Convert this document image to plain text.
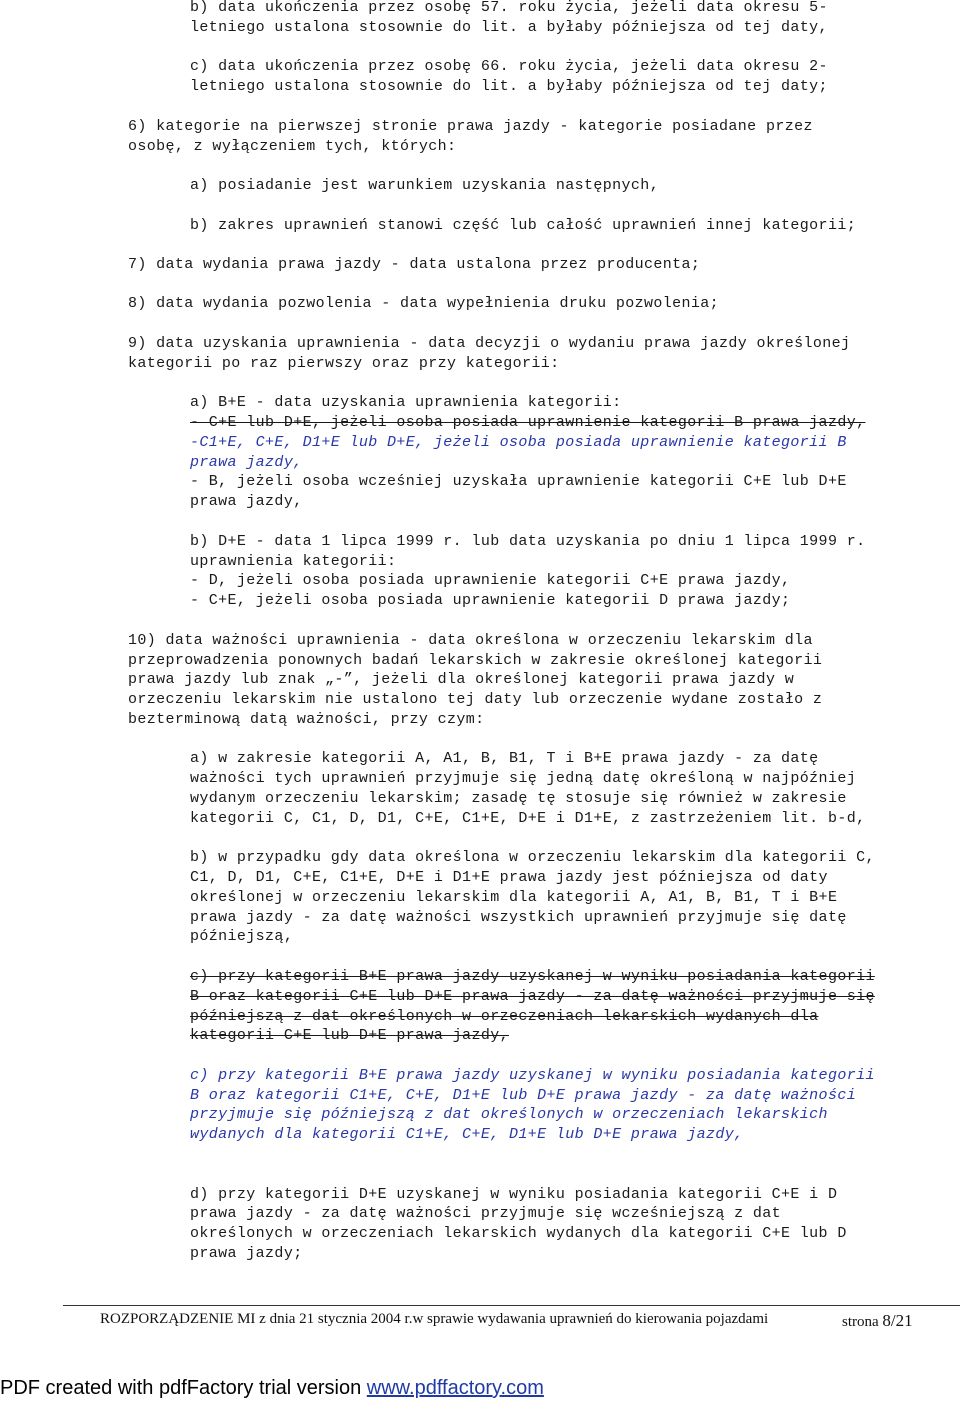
b) data ukończenia przez osobę 57. roku życia, jeżeli data okresu 5-

letniego ustalona stosownie do lit. a byłaby późniejsza od tej daty,

c) data ukończenia przez osobę 66. roku życia, jeżeli data okresu 2-

letniego ustalona stosownie do lit. a byłaby późniejsza od tej daty;

6) kategorie na pierwszej stronie prawa jazdy - kategorie posiadane przez

osobę, z wyłączeniem tych, których:

a) posiadanie jest warunkiem uzyskania następnych,

b) zakres uprawnień stanowi część lub całość uprawnień innej kategorii;

7) data wydania prawa jazdy - data ustalona przez producenta;

8) data wydania pozwolenia - data wypełnienia druku pozwolenia;

9) data uzyskania uprawnienia - data decyzji o wydaniu prawa jazdy określonej

kategorii po raz pierwszy oraz przy kategorii:

a) B+E - data uzyskania uprawnienia kategorii:

- C+E lub D+E, jeżeli osoba posiada uprawnienie kategorii B prawa jazdy,

-C1+E, C+E, D1+E lub D+E, jeżeli osoba posiada uprawnienie kategorii B

prawa jazdy,

- B, jeżeli osoba wcześniej uzyskała uprawnienie kategorii C+E lub D+E

prawa jazdy,

b) D+E - data 1 lipca 1999 r. lub data uzyskania po dniu 1 lipca 1999 r.

uprawnienia kategorii:

- D, jeżeli osoba posiada uprawnienie kategorii C+E prawa jazdy,

- C+E, jeżeli osoba posiada uprawnienie kategorii D prawa jazdy;

10) data ważności uprawnienia - data określona w orzeczeniu lekarskim dla

przeprowadzenia ponownych badań lekarskich w zakresie określonej kategorii

prawa jazdy lub znak „-”, jeżeli dla określonej kategorii prawa jazdy w

orzeczeniu lekarskim nie ustalono tej daty lub orzeczenie wydane zostało z

bezterminową datą ważności, przy czym:

a) w zakresie kategorii A, A1, B, B1, T i B+E prawa jazdy - za datę

ważności tych uprawnień przyjmuje się jedną datę określoną w najpóźniej

wydanym orzeczeniu lekarskim; zasadę tę stosuje się również w zakresie

kategorii C, C1, D, D1, C+E, C1+E, D+E i D1+E, z zastrzeżeniem lit. b-d,

b) w przypadku gdy data określona w orzeczeniu lekarskim dla kategorii C,

C1, D, D1, C+E, C1+E, D+E i D1+E prawa jazdy jest późniejsza od daty

określonej w orzeczeniu lekarskim dla kategorii A, A1, B, B1, T i B+E

prawa jazdy - za datę ważności wszystkich uprawnień przyjmuje się datę

późniejszą,

c) przy kategorii B+E prawa jazdy uzyskanej w wyniku posiadania kategorii

B oraz kategorii C+E lub D+E prawa jazdy - za datę ważności przyjmuje się

późniejszą z dat określonych w orzeczeniach lekarskich wydanych dla

kategorii C+E lub D+E prawa jazdy,

c) przy kategorii B+E prawa jazdy uzyskanej w wyniku posiadania kategorii

B oraz kategorii C1+E, C+E, D1+E lub D+E prawa jazdy - za datę ważności

przyjmuje się późniejszą z dat określonych w orzeczeniach lekarskich

wydanych dla kategorii C1+E, C+E, D1+E lub D+E prawa jazdy,

d) przy kategorii D+E uzyskanej w wyniku posiadania kategorii C+E i D

prawa jazdy - za datę ważności przyjmuje się wcześniejszą z dat

określonych w orzeczeniach lekarskich wydanych dla kategorii C+E lub D

prawa jazdy;

ROZPORZĄDZENIE MI z dnia 21 stycznia 2004 r.w sprawie wydawania uprawnień do kierowania pojazdami	strona 8/21
PDF created with pdfFactory trial version www.pdffactory.com
